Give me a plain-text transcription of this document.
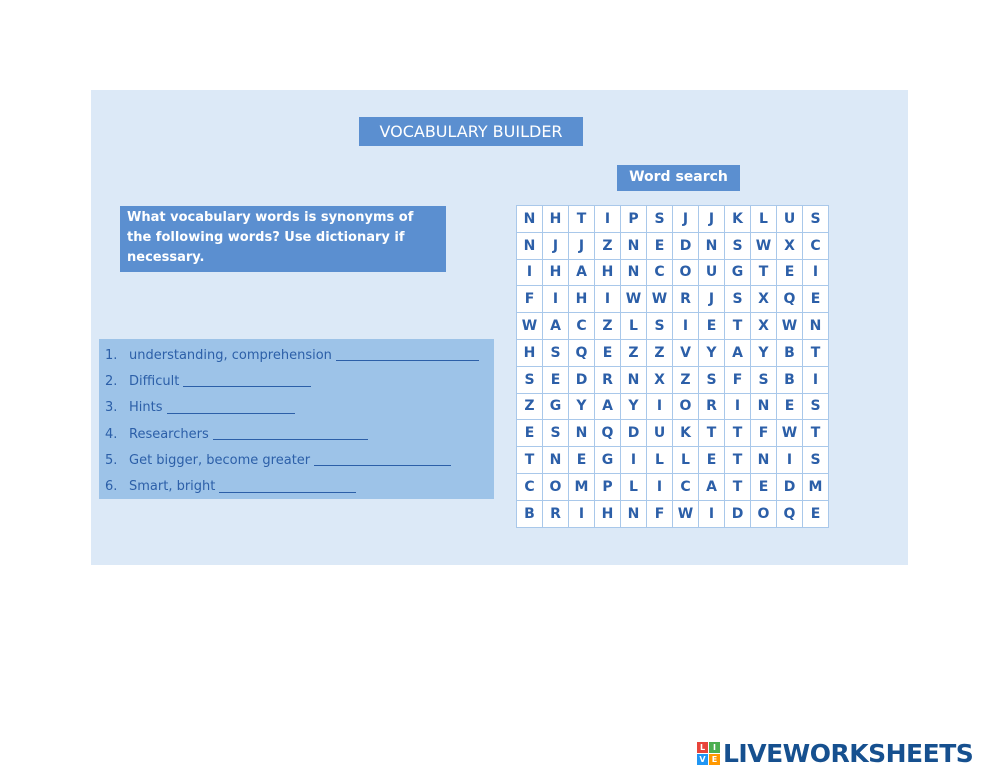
VOCABULARY BUILDER
Word search
What vocabulary words is synonyms of the following words? Use dictionary if necessary.
1. understanding, comprehension
2. Difficult
3. Hints
4. Researchers
5. Get bigger, become greater
6. Smart, bright
N	H	T	I	P	S	J	J	K	L	U	S
N	J	J	Z	N	E	D	N	S	W	X	C
I	H	A	H	N	C	O	U	G	T	E	I
F	I	H	I	W	W	R	J	S	X	Q	E
W	A	C	Z	L	S	I	E	T	X	W	N
H	S	Q	E	Z	Z	V	Y	A	Y	B	T
S	E	D	R	N	X	Z	S	F	S	B	I
Z	G	Y	A	Y	I	O	R	I	N	E	S
E	S	N	Q	D	U	K	T	T	F	W	T
T	N	E	G	I	L	L	E	T	N	I	S
C	O	M	P	L	I	C	A	T	E	D	M
B	R	I	H	N	F	W	I	D	O	Q	E
L I
V E LIVEWORKSHEETS
